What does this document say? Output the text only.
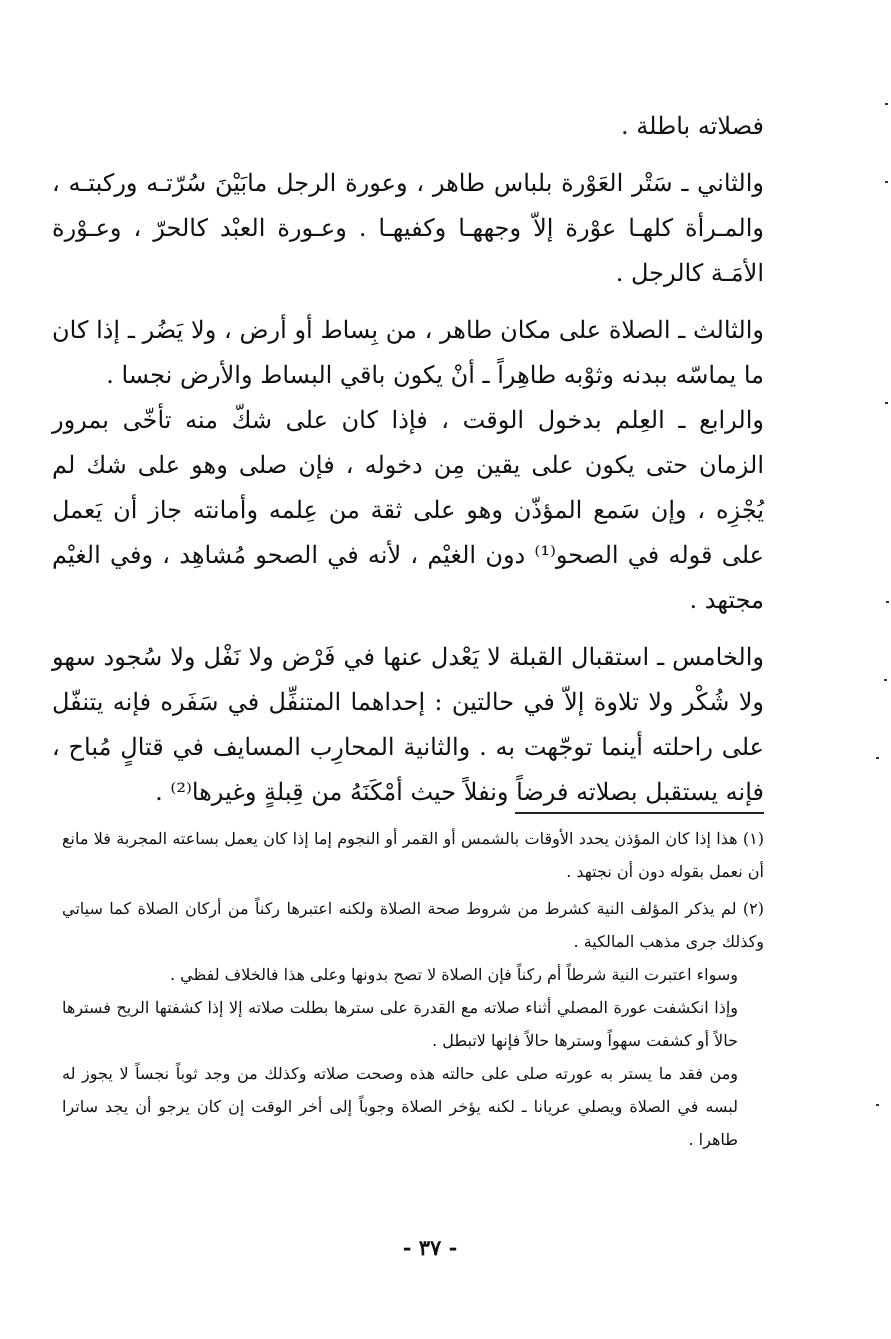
فصلاته باطلة .

والثاني ـ سَتْر العَوْرة بلباس طاهر ، وعورة الرجل مابَيْنَ سُرّتـه وركبتـه ، والمـرأة كلهـا عوْرة إلاّ وجههـا وكفيهـا . وعـورة العبْد كالحرّ ، وعـوْرة الأمَـة كالرجل .

والثالث ـ الصلاة على مكان طاهر ، من بِساط أو أرض ، ولا يَضُر ـ إذا كان ما يماسّه ببدنه وثوْبه طاهِراً ـ أنْ يكون باقي البساط والأرض نجسا .

والرابع ـ العِلم بدخول الوقت ، فإذا كان على شكّ منه تأخّى بمرور الزمان حتى يكون على يقين مِن دخوله ، فإن صلى وهو على شك لم يُجْزِه ، وإن سَمع المؤذّن وهو على ثقة من عِلمه وأمانته جاز أن يَعمل على قوله في الصحو⁽¹⁾ دون الغيْم ، لأنه في الصحو مُشاهِد ، وفي الغيْم مجتهد .

والخامس ـ استقبال القبلة لا يَعْدل عنها في فَرْض ولا نَفْل ولا سُجود سهو ولا شُكْر ولا تلاوة إلاّ في حالتين : إحداهما المتنفِّل في سَفَره فإنه يتنفّل على راحلته أينما توجّهت به . والثانية المحارِب المسايف في قتالٍ مُباح ، فإنه يستقبل بصلاته فرضاً ونفلاً حيث أمْكَنَهُ من قِبلةٍ وغيرها⁽²⁾ .

(١) هذا إذا كان المؤذن يحدد الأوقات بالشمس أو القمر أو النجوم إما إذا كان يعمل بساعته المجربة فلا مانع أن نعمل بقوله دون أن نجتهد .

(٢) لم يذكر المؤلف النية كشرط من شروط صحة الصلاة ولكنه اعتبرها ركناً من أركان الصلاة كما سياتي وكذلك جرى مذهب المالكية .

وسواء اعتبرت النية شرطاً أم ركناً فإن الصلاة لا تصح بدونها وعلى هذا فالخلاف لفظي .

وإذا انكشفت عورة المصلي أثناء صلاته مع القدرة على سترها بطلت صلاته إلا إذا كشفتها الريح فسترها حالاً أو كشفت سهواً وسترها حالاً فإنها لاتبطل .

ومن فقد ما يستر به عورته صلى على حالته هذه وصحت صلاته وكذلك من وجد ثوباً نجساً لا يجوز له لبسه في الصلاة ويصلي عريانا ـ لكنه يؤخر الصلاة وجوباً إلى أخر الوقت إن كان يرجو أن يجد ساترا طاهرا .

- ٣٧ -
